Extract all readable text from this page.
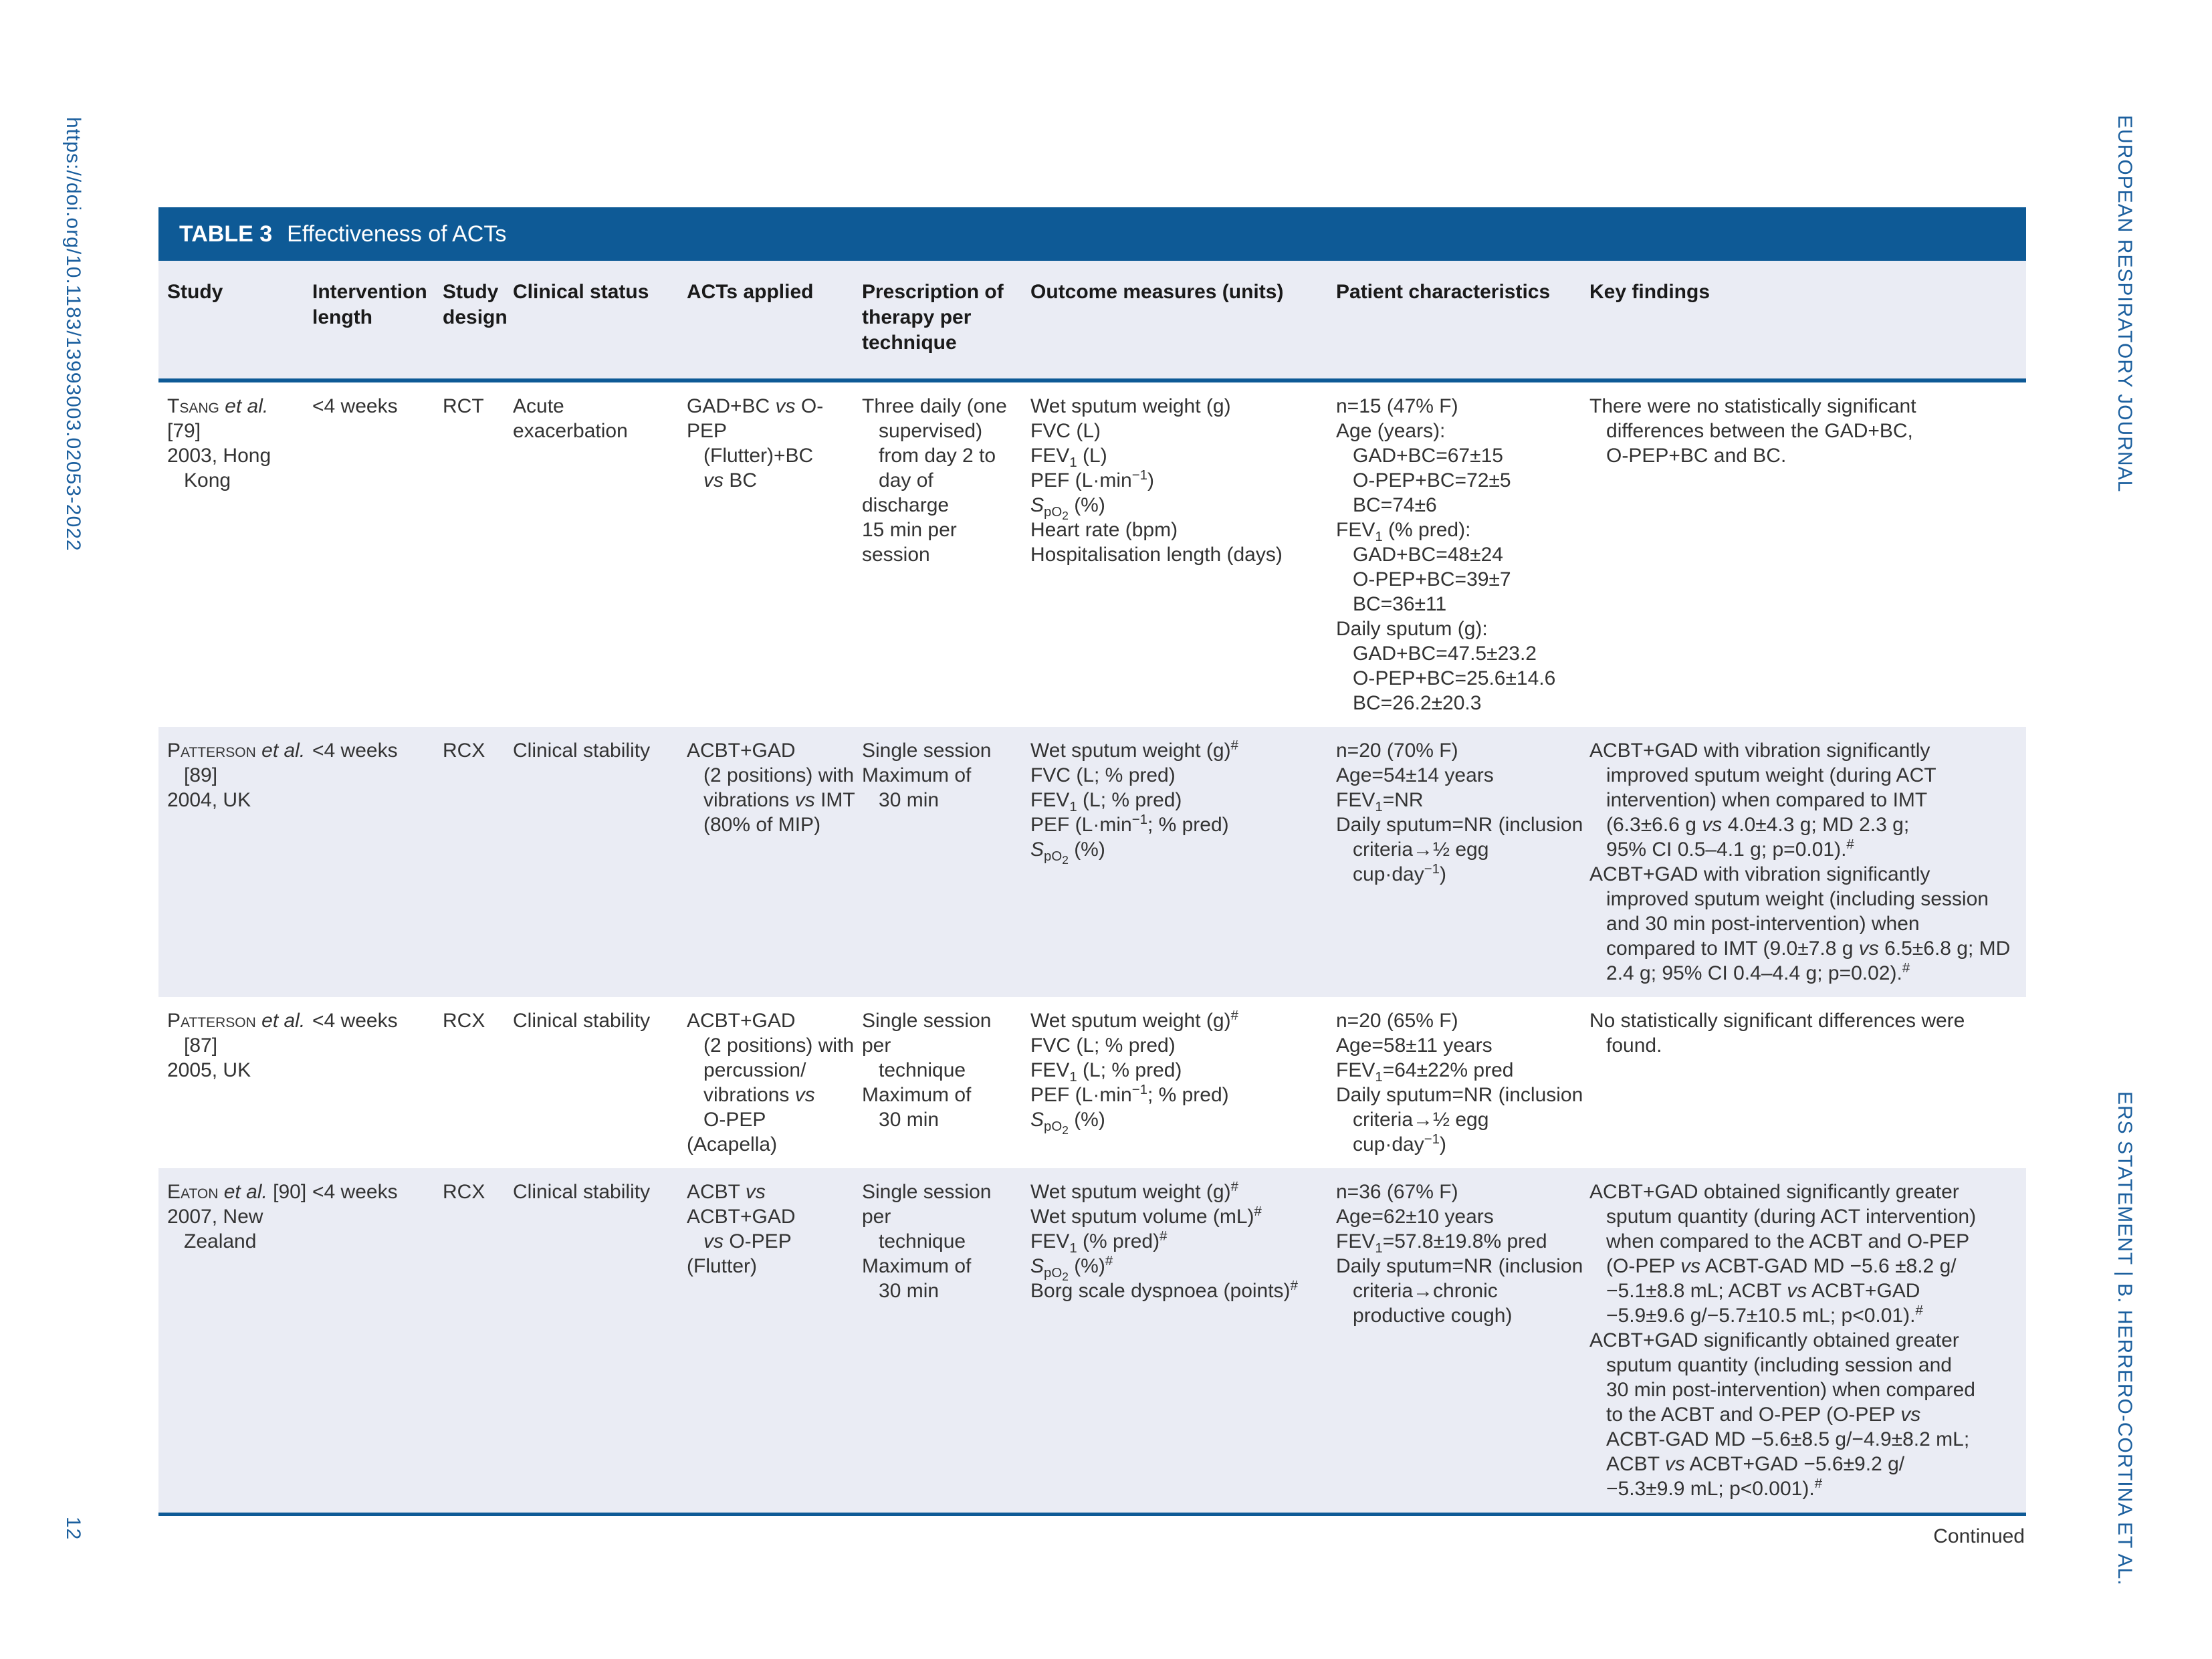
https://doi.org/10.1183/13993003.02053-2022
12
EUROPEAN RESPIRATORY JOURNAL
ERS STATEMENT | B. HERRERO-CORTINA ET AL.
TABLE 3 Effectiveness of ACTs
Study	Intervention length	Study design	Clinical status	ACTs applied	Prescription of therapy per technique	Outcome measures (units)	Patient characteristics	Key findings
Tsang et al. [79]
2003, Hong
Kong	<4 weeks	RCT	Acute exacerbation	GAD+BC vs O-PEP
(Flutter)+BC
vs BC	Three daily (one
supervised)
from day 2 to
day of discharge
15 min per session	Wet sputum weight (g)
FVC (L)
$FEV_1$ (L)
PEF $(L\cdot\min^{-1})$
$S_{pO_2}$ (%)
Heart rate (bpm)
Hospitalisation length (days)	n=15 (47% F)
Age (years):
GAD+BC=67±15
O-PEP+BC=72±5
BC=74±6
$FEV_1$ (% pred):
GAD+BC=48±24
O-PEP+BC=39±7
BC=36±11
Daily sputum (g):
GAD+BC=47.5±23.2
O-PEP+BC=25.6±14.6
BC=26.2±20.3	There were no statistically significant
differences between the GAD+BC,
O-PEP+BC and BC.
Patterson et al.
[89]
2004, UK	<4 weeks	RCX	Clinical stability	ACBT+GAD
(2 positions) with
vibrations vs IMT
(80% of MIP)	Single session
Maximum of
30 min	Wet sputum weight (g)#
FVC (L; % pred)
$FEV_1$ (L; % pred)
PEF ($L\cdot\min^{-1}$; % pred)
$S_{pO_2}$ (%)	n=20 (70% F)
Age=54±14 years
$FEV_1=NR$
Daily sputum=NR (inclusion
criteria→½ egg
cup·day$^{-1}$)	ACBT+GAD with vibration significantly
improved sputum weight (during ACT
intervention) when compared to IMT
(6.3±6.6 g vs 4.0±4.3 g; MD 2.3 g;
95% CI 0.5–4.1 g; p=0.01).#
ACBT+GAD with vibration significantly
improved sputum weight (including session
and 30 min post-intervention) when
compared to IMT (9.0±7.8 g vs 6.5±6.8 g; MD
2.4 g; 95% CI 0.4–4.4 g; p=0.02).#
Patterson et al.
[87]
2005, UK	<4 weeks	RCX	Clinical stability	ACBT+GAD
(2 positions) with
percussion/
vibrations vs
O-PEP (Acapella)	Single session per
technique
Maximum of
30 min	Wet sputum weight (g)#
FVC (L; % pred)
$FEV_1$ (L; % pred)
PEF ($L\cdot\min^{-1}$; % pred)
$S_{pO_2}$ (%)	n=20 (65% F)
Age=58±11 years
$FEV_1=64\pm 22\%$ pred
Daily sputum=NR (inclusion
criteria→½ egg
cup·day$^{-1}$)	No statistically significant differences were
found.
Eaton et al. [90]
2007, New
Zealand	<4 weeks	RCX	Clinical stability	ACBT vs ACBT+GAD
vs O-PEP (Flutter)	Single session per
technique
Maximum of
30 min	Wet sputum weight (g)#
Wet sputum volume (mL)#
$FEV_1$ (% pred)#
$S_{pO_2}$ (%)#
Borg scale dyspnoea (points)#	n=36 (67% F)
Age=62±10 years
$FEV_1=57.8\pm 19.8\%$ pred
Daily sputum=NR (inclusion
criteria→chronic
productive cough)	ACBT+GAD obtained significantly greater
sputum quantity (during ACT intervention)
when compared to the ACBT and O-PEP
(O-PEP vs ACBT-GAD MD −5.6 ±8.2 g/
−5.1±8.8 mL; ACBT vs ACBT+GAD
−5.9±9.6 g/−5.7±10.5 mL; p<0.01).#
ACBT+GAD significantly obtained greater
sputum quantity (including session and
30 min post-intervention) when compared
to the ACBT and O-PEP (O-PEP vs
ACBT-GAD MD −5.6±8.5 g/−4.9±8.2 mL;
ACBT vs ACBT+GAD −5.6±9.2 g/
−5.3±9.9 mL; p<0.001).#
Continued
